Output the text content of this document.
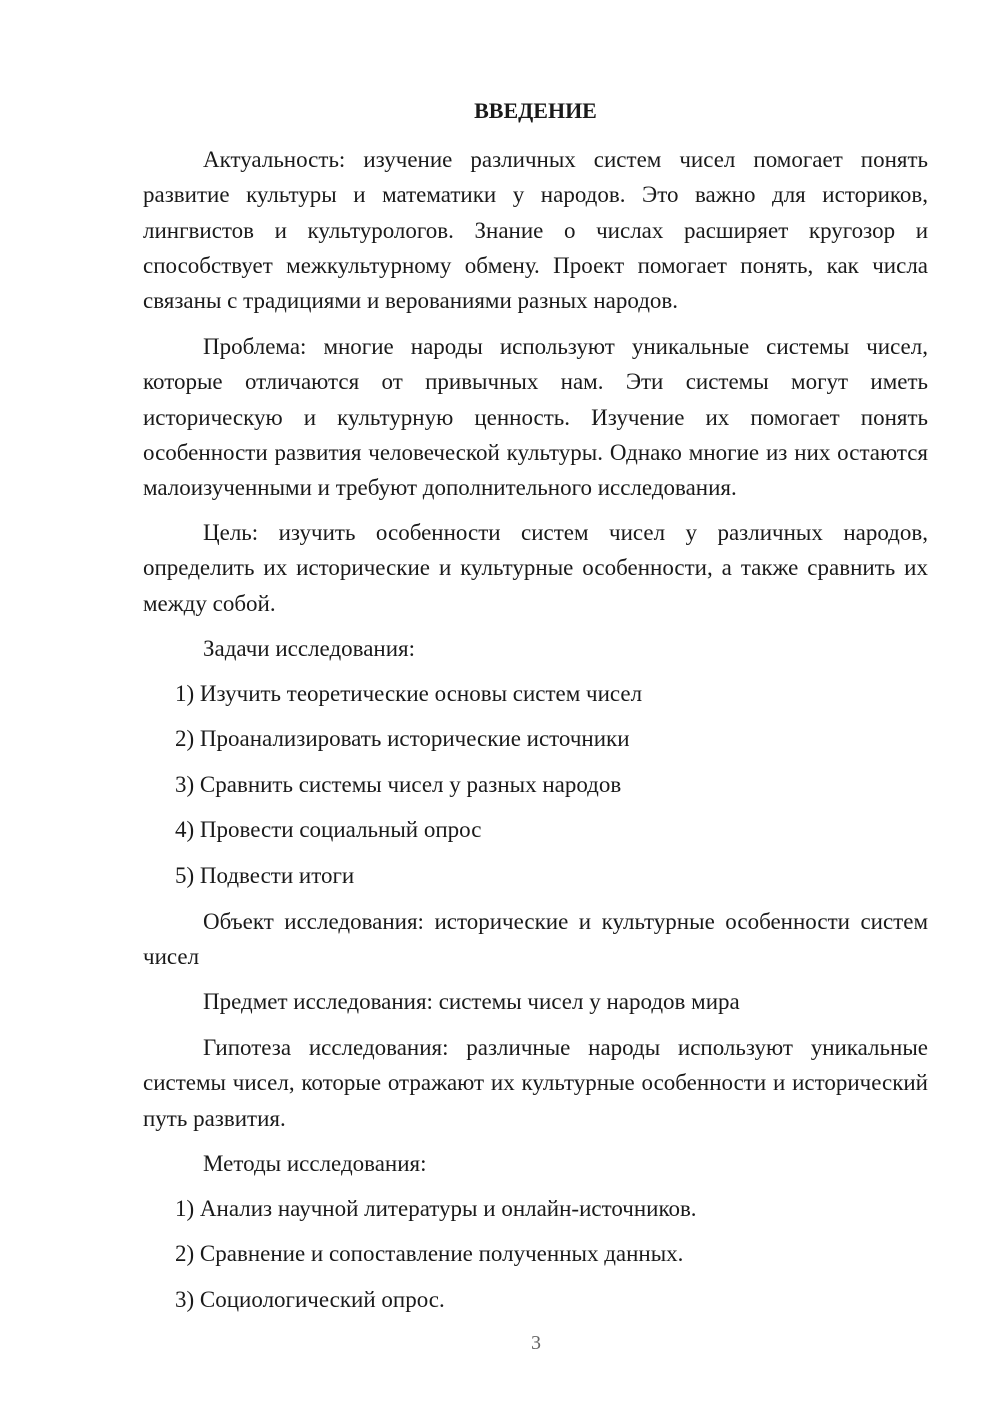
ВВЕДЕНИЕ

Актуальность: изучение различных систем чисел помогает понять развитие культуры и математики у народов. Это важно для историков, лингвистов и культурологов. Знание о числах расширяет кругозор и способствует межкультурному обмену. Проект помогает понять, как числа связаны с традициями и верованиями разных народов.

Проблема: многие народы используют уникальные системы чисел, которые отличаются от привычных нам. Эти системы могут иметь историческую и культурную ценность. Изучение их помогает понять особенности развития человеческой культуры. Однако многие из них остаются малоизученными и требуют дополнительного исследования.

Цель: изучить особенности систем чисел у различных народов, определить их исторические и культурные особенности, а также сравнить их между собой.

Задачи исследования:

1) Изучить теоретические основы систем чисел

2) Проанализировать исторические источники

3) Сравнить системы чисел у разных народов

4) Провести социальный опрос

5) Подвести итоги

Объект исследования: исторические и культурные особенности систем чисел

Предмет исследования: системы чисел у народов мира

Гипотеза исследования: различные народы используют уникальные системы чисел, которые отражают их культурные особенности и исторический путь развития.

Методы исследования:

1) Анализ научной литературы и онлайн-источников.

2) Сравнение и сопоставление полученных данных.

3) Социологический опрос.

3
